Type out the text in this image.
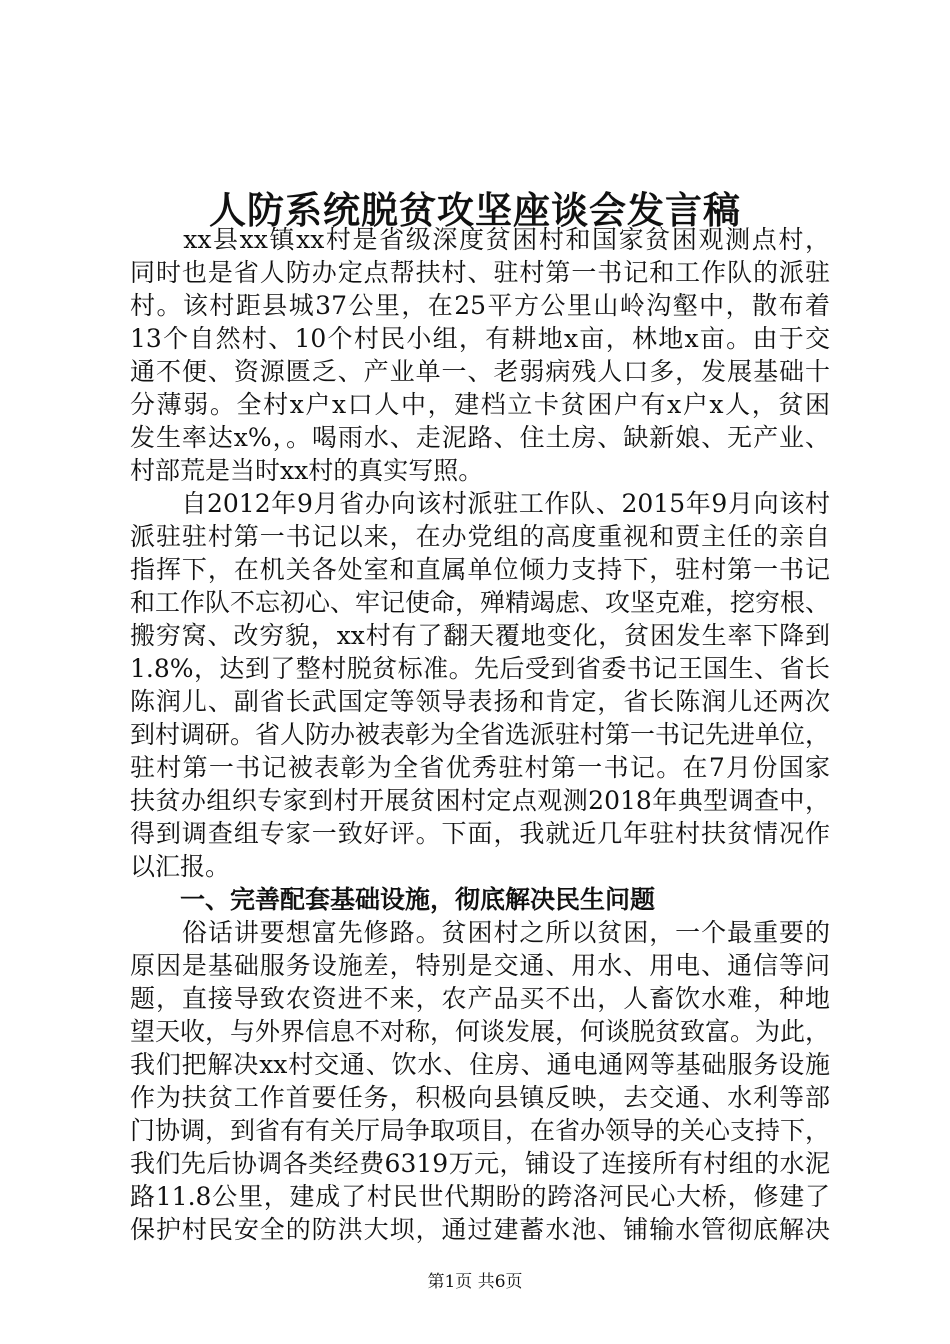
人防系统脱贫攻坚座谈会发言稿

　　xx县xx镇xx村是省级深度贫困村和国家贫困观测点村，

同时也是省人防办定点帮扶村、驻村第一书记和工作队的派驻

村。该村距县城37公里，在25平方公里山岭沟壑中，散布着

13个自然村、10个村民小组，有耕地x亩，林地x亩。由于交

通不便、资源匮乏、产业单一、老弱病残人口多，发展基础十

分薄弱。全村x户x口人中，建档立卡贫困户有x户x人，贫困

发生率达x%，。喝雨水、走泥路、住土房、缺新娘、无产业、

村部荒是当时xx村的真实写照。

　　自2012年9月省办向该村派驻工作队、2015年9月向该村

派驻驻村第一书记以来，在办党组的高度重视和贾主任的亲自

指挥下，在机关各处室和直属单位倾力支持下，驻村第一书记

和工作队不忘初心、牢记使命，殚精竭虑、攻坚克难，挖穷根、

搬穷窝、改穷貌，xx村有了翻天覆地变化，贫困发生率下降到

1.8%，达到了整村脱贫标准。先后受到省委书记王国生、省长

陈润儿、副省长武国定等领导表扬和肯定，省长陈润儿还两次

到村调研。省人防办被表彰为全省选派驻村第一书记先进单位，

驻村第一书记被表彰为全省优秀驻村第一书记。在7月份国家

扶贫办组织专家到村开展贫困村定点观测2018年典型调查中，

得到调查组专家一致好评。下面，我就近几年驻村扶贫情况作

以汇报。

　　一、完善配套基础设施，彻底解决民生问题

　　俗话讲要想富先修路。贫困村之所以贫困，一个最重要的

原因是基础服务设施差，特别是交通、用水、用电、通信等问

题，直接导致农资进不来，农产品买不出，人畜饮水难，种地

望天收，与外界信息不对称，何谈发展，何谈脱贫致富。为此，

我们把解决xx村交通、饮水、住房、通电通网等基础服务设施

作为扶贫工作首要任务，积极向县镇反映，去交通、水利等部

门协调，到省有有关厅局争取项目，在省办领导的关心支持下，

我们先后协调各类经费6319万元，铺设了连接所有村组的水泥

路11.8公里，建成了村民世代期盼的跨洛河民心大桥，修建了

保护村民安全的防洪大坝，通过建蓄水池、铺输水管彻底解决

第1页 共6页
